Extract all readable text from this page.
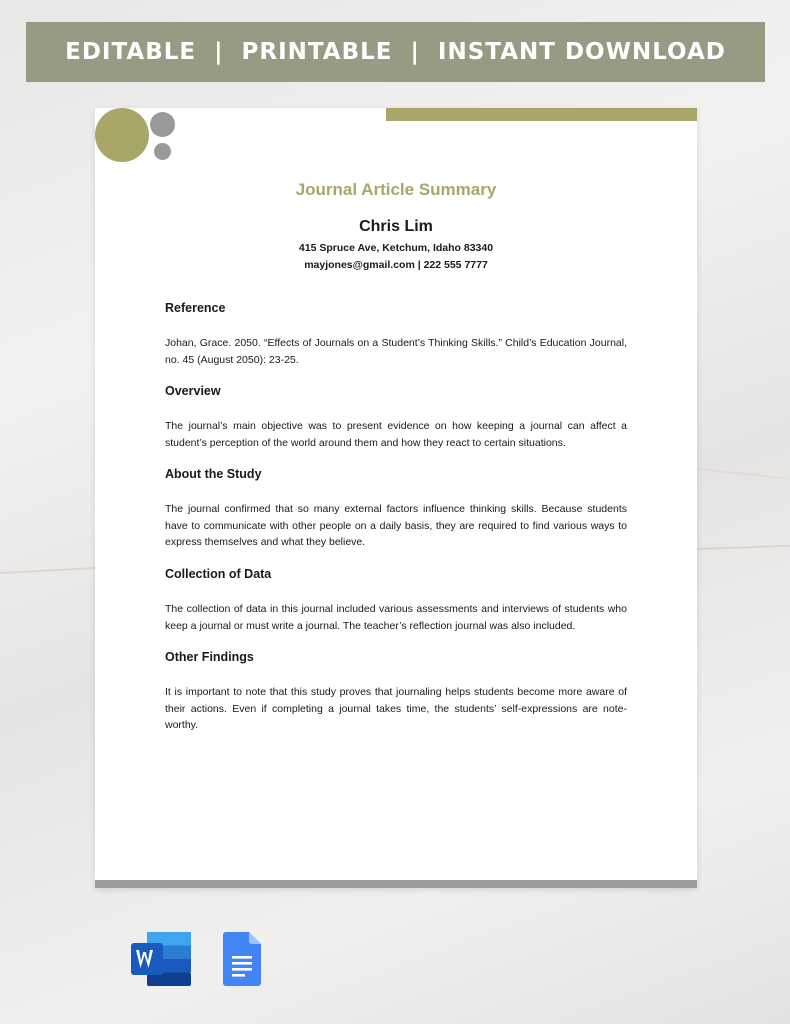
EDITABLE  |  PRINTABLE  |  INSTANT DOWNLOAD
Journal Article Summary
Chris Lim
415 Spruce Ave, Ketchum, Idaho 83340
mayjones@gmail.com | 222 555 7777
Reference
Johan, Grace. 2050. “Effects of Journals on a Student’s Thinking Skills.” Child’s Education Journal, no. 45 (August 2050): 23-25.
Overview
The journal’s main objective was to present evidence on how keeping a journal can affect a student’s perception of the world around them and how they react to certain situations.
About the Study
The journal confirmed that so many external factors influence thinking skills. Because students have to communicate with other people on a daily basis, they are required to find various ways to express themselves and what they believe.
Collection of Data
The collection of data in this journal included various assessments and interviews of students who keep a journal or must write a journal. The teacher’s reflection journal was also included.
Other Findings
It is important to note that this study proves that journaling helps students become more aware of their actions. Even if completing a journal takes time, the students’ self-expressions are note-worthy.
